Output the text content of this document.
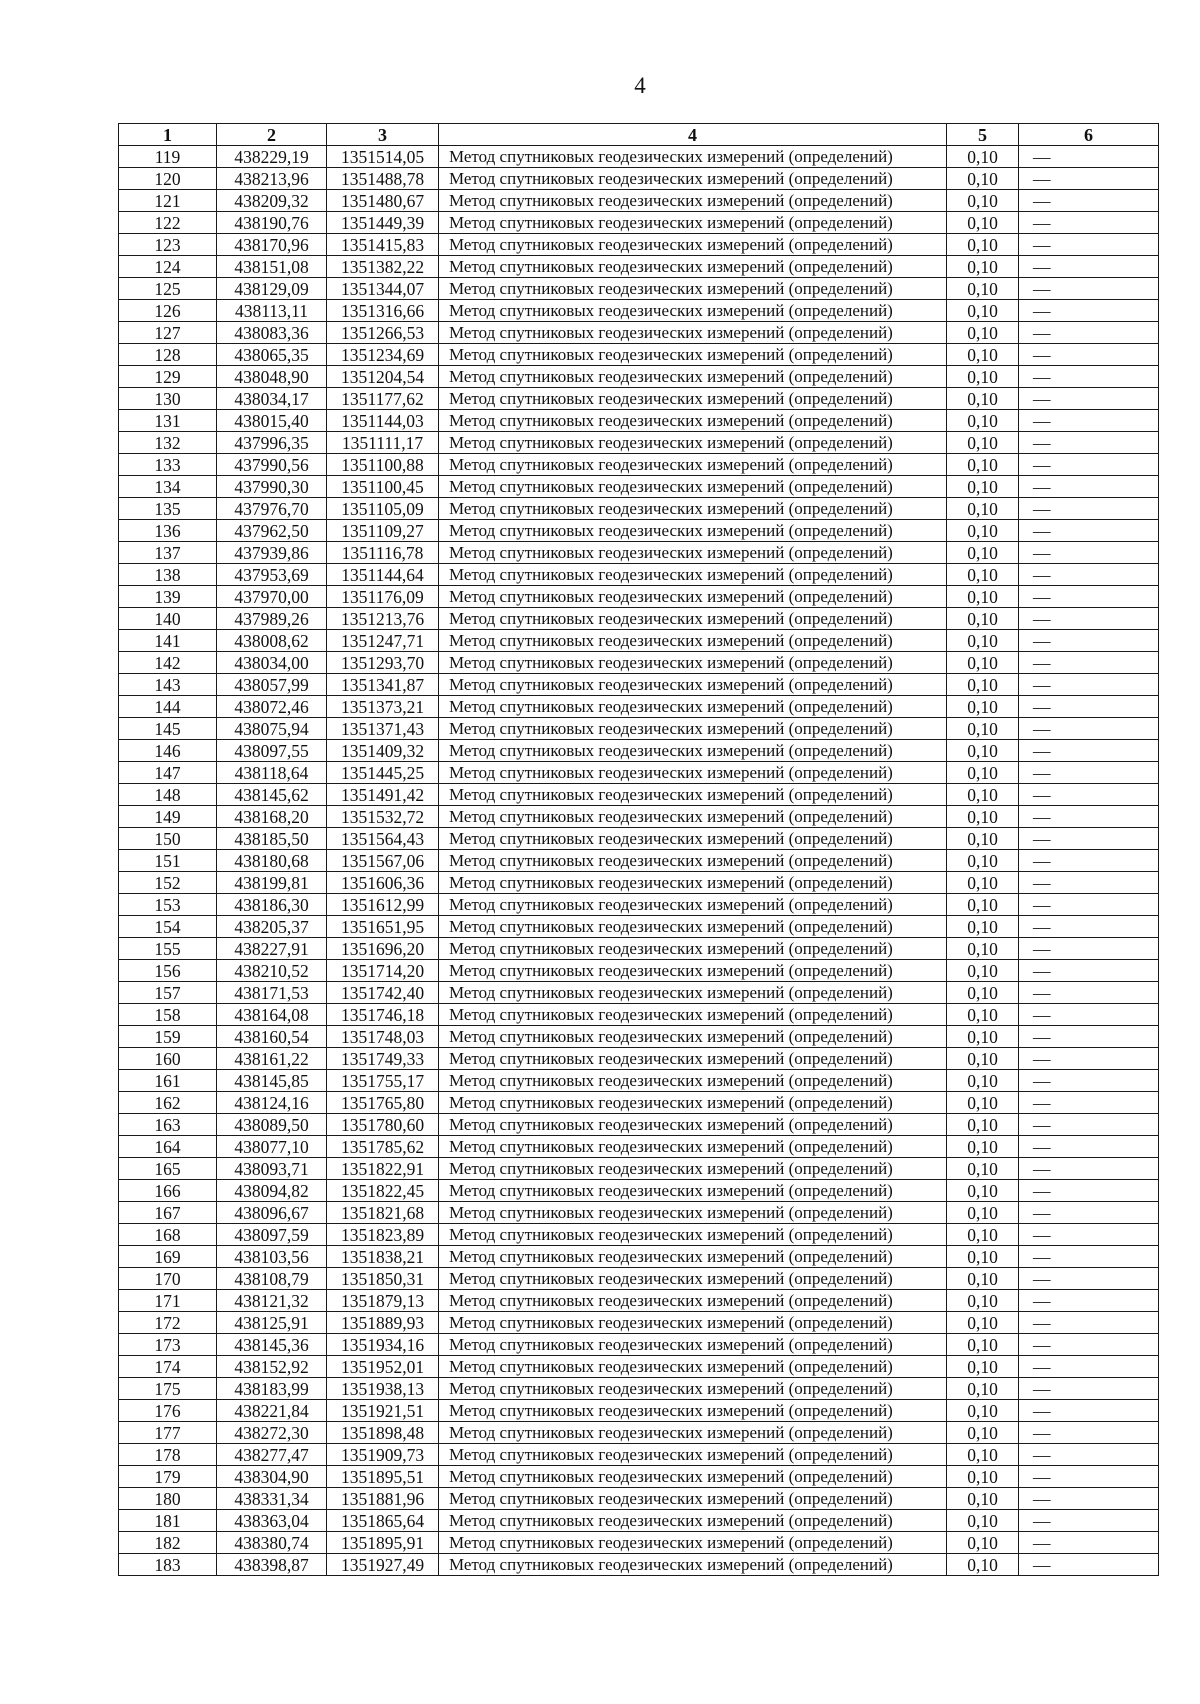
4
1	2	3	4	5	6
119	438229,19	1351514,05	Метод спутниковых геодезических измерений (определений)	0,10	—
120	438213,96	1351488,78	Метод спутниковых геодезических измерений (определений)	0,10	—
121	438209,32	1351480,67	Метод спутниковых геодезических измерений (определений)	0,10	—
122	438190,76	1351449,39	Метод спутниковых геодезических измерений (определений)	0,10	—
123	438170,96	1351415,83	Метод спутниковых геодезических измерений (определений)	0,10	—
124	438151,08	1351382,22	Метод спутниковых геодезических измерений (определений)	0,10	—
125	438129,09	1351344,07	Метод спутниковых геодезических измерений (определений)	0,10	—
126	438113,11	1351316,66	Метод спутниковых геодезических измерений (определений)	0,10	—
127	438083,36	1351266,53	Метод спутниковых геодезических измерений (определений)	0,10	—
128	438065,35	1351234,69	Метод спутниковых геодезических измерений (определений)	0,10	—
129	438048,90	1351204,54	Метод спутниковых геодезических измерений (определений)	0,10	—
130	438034,17	1351177,62	Метод спутниковых геодезических измерений (определений)	0,10	—
131	438015,40	1351144,03	Метод спутниковых геодезических измерений (определений)	0,10	—
132	437996,35	1351111,17	Метод спутниковых геодезических измерений (определений)	0,10	—
133	437990,56	1351100,88	Метод спутниковых геодезических измерений (определений)	0,10	—
134	437990,30	1351100,45	Метод спутниковых геодезических измерений (определений)	0,10	—
135	437976,70	1351105,09	Метод спутниковых геодезических измерений (определений)	0,10	—
136	437962,50	1351109,27	Метод спутниковых геодезических измерений (определений)	0,10	—
137	437939,86	1351116,78	Метод спутниковых геодезических измерений (определений)	0,10	—
138	437953,69	1351144,64	Метод спутниковых геодезических измерений (определений)	0,10	—
139	437970,00	1351176,09	Метод спутниковых геодезических измерений (определений)	0,10	—
140	437989,26	1351213,76	Метод спутниковых геодезических измерений (определений)	0,10	—
141	438008,62	1351247,71	Метод спутниковых геодезических измерений (определений)	0,10	—
142	438034,00	1351293,70	Метод спутниковых геодезических измерений (определений)	0,10	—
143	438057,99	1351341,87	Метод спутниковых геодезических измерений (определений)	0,10	—
144	438072,46	1351373,21	Метод спутниковых геодезических измерений (определений)	0,10	—
145	438075,94	1351371,43	Метод спутниковых геодезических измерений (определений)	0,10	—
146	438097,55	1351409,32	Метод спутниковых геодезических измерений (определений)	0,10	—
147	438118,64	1351445,25	Метод спутниковых геодезических измерений (определений)	0,10	—
148	438145,62	1351491,42	Метод спутниковых геодезических измерений (определений)	0,10	—
149	438168,20	1351532,72	Метод спутниковых геодезических измерений (определений)	0,10	—
150	438185,50	1351564,43	Метод спутниковых геодезических измерений (определений)	0,10	—
151	438180,68	1351567,06	Метод спутниковых геодезических измерений (определений)	0,10	—
152	438199,81	1351606,36	Метод спутниковых геодезических измерений (определений)	0,10	—
153	438186,30	1351612,99	Метод спутниковых геодезических измерений (определений)	0,10	—
154	438205,37	1351651,95	Метод спутниковых геодезических измерений (определений)	0,10	—
155	438227,91	1351696,20	Метод спутниковых геодезических измерений (определений)	0,10	—
156	438210,52	1351714,20	Метод спутниковых геодезических измерений (определений)	0,10	—
157	438171,53	1351742,40	Метод спутниковых геодезических измерений (определений)	0,10	—
158	438164,08	1351746,18	Метод спутниковых геодезических измерений (определений)	0,10	—
159	438160,54	1351748,03	Метод спутниковых геодезических измерений (определений)	0,10	—
160	438161,22	1351749,33	Метод спутниковых геодезических измерений (определений)	0,10	—
161	438145,85	1351755,17	Метод спутниковых геодезических измерений (определений)	0,10	—
162	438124,16	1351765,80	Метод спутниковых геодезических измерений (определений)	0,10	—
163	438089,50	1351780,60	Метод спутниковых геодезических измерений (определений)	0,10	—
164	438077,10	1351785,62	Метод спутниковых геодезических измерений (определений)	0,10	—
165	438093,71	1351822,91	Метод спутниковых геодезических измерений (определений)	0,10	—
166	438094,82	1351822,45	Метод спутниковых геодезических измерений (определений)	0,10	—
167	438096,67	1351821,68	Метод спутниковых геодезических измерений (определений)	0,10	—
168	438097,59	1351823,89	Метод спутниковых геодезических измерений (определений)	0,10	—
169	438103,56	1351838,21	Метод спутниковых геодезических измерений (определений)	0,10	—
170	438108,79	1351850,31	Метод спутниковых геодезических измерений (определений)	0,10	—
171	438121,32	1351879,13	Метод спутниковых геодезических измерений (определений)	0,10	—
172	438125,91	1351889,93	Метод спутниковых геодезических измерений (определений)	0,10	—
173	438145,36	1351934,16	Метод спутниковых геодезических измерений (определений)	0,10	—
174	438152,92	1351952,01	Метод спутниковых геодезических измерений (определений)	0,10	—
175	438183,99	1351938,13	Метод спутниковых геодезических измерений (определений)	0,10	—
176	438221,84	1351921,51	Метод спутниковых геодезических измерений (определений)	0,10	—
177	438272,30	1351898,48	Метод спутниковых геодезических измерений (определений)	0,10	—
178	438277,47	1351909,73	Метод спутниковых геодезических измерений (определений)	0,10	—
179	438304,90	1351895,51	Метод спутниковых геодезических измерений (определений)	0,10	—
180	438331,34	1351881,96	Метод спутниковых геодезических измерений (определений)	0,10	—
181	438363,04	1351865,64	Метод спутниковых геодезических измерений (определений)	0,10	—
182	438380,74	1351895,91	Метод спутниковых геодезических измерений (определений)	0,10	—
183	438398,87	1351927,49	Метод спутниковых геодезических измерений (определений)	0,10	—
